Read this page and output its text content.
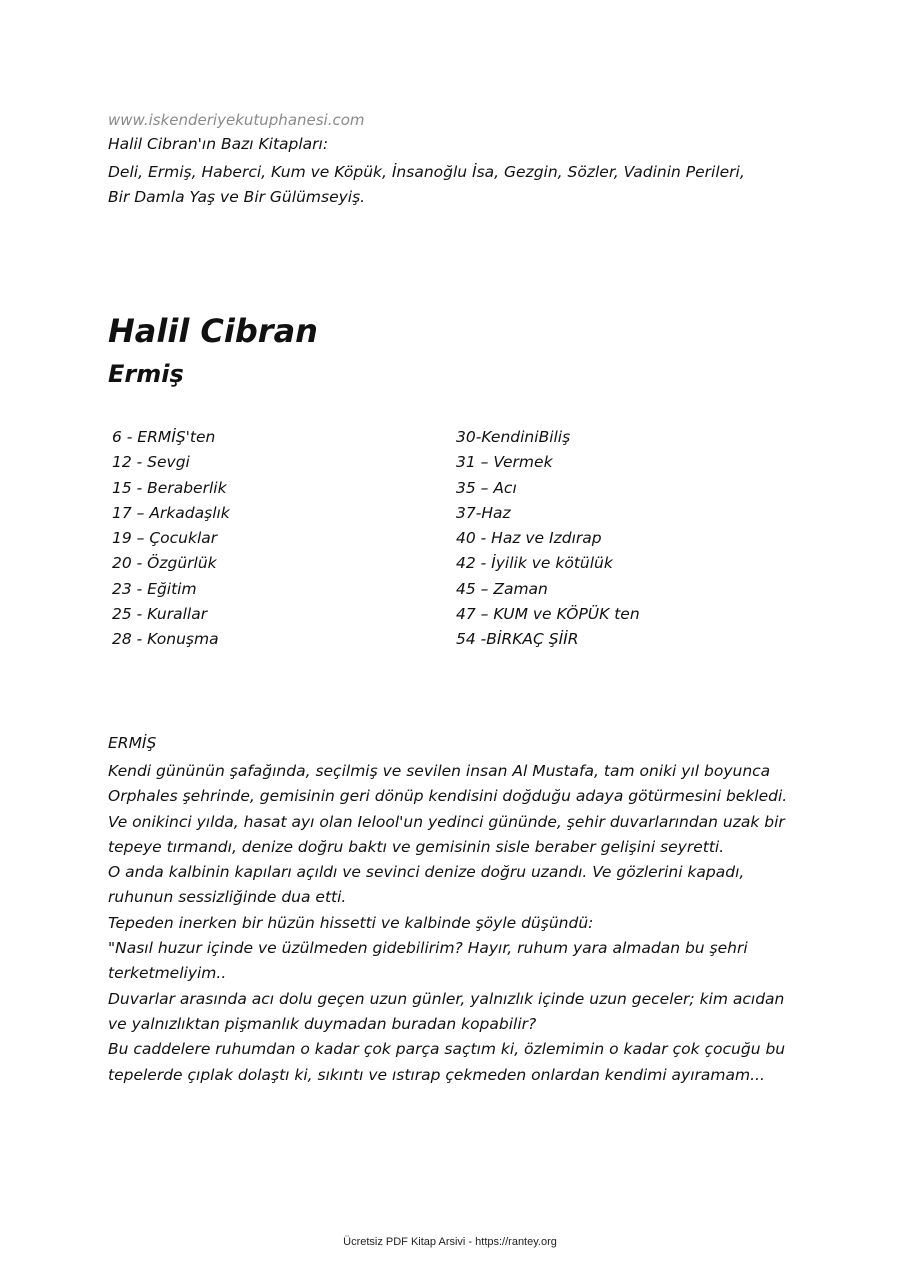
www.iskenderiyekutuphanesi.com
Halil Cibran'ın Bazı Kitapları:
Deli, Ermiş, Haberci, Kum ve Köpük, İnsanoğlu İsa, Gezgin, Sözler, Vadinin Perileri, Bir Damla Yaş ve Bir Gülümseyiş.
Halil Cibran
Ermiş
6 - ERMİŞ'ten
12 - Sevgi
15 - Beraberlik
17 – Arkadaşlık
19 – Çocuklar
20 - Özgürlük
23 - Eğitim
25 - Kurallar
28 - Konuşma
30-KendiniBiliş
31 – Vermek
35 – Acı
37-Haz
40 - Haz ve Izdırap
42 - İyilik ve kötülük
45 – Zaman
47 – KUM ve KÖPÜK ten
54 -BİRKAÇ ŞİİR
ERMİŞ

Kendi gününün şafağında, seçilmiş ve sevilen insan Al Mustafa, tam oniki yıl boyunca Orphales şehrinde, gemisinin geri dönüp kendisini doğduğu adaya götürmesini bekledi.

Ve onikinci yılda, hasat ayı olan Ielool'un yedinci gününde, şehir duvarlarından uzak bir tepeye tırmandı, denize doğru baktı ve gemisinin sisle beraber gelişini seyretti.

O anda kalbinin kapıları açıldı ve sevinci denize doğru uzandı. Ve gözlerini kapadı, ruhunun sessizliğinde dua etti.

Tepeden inerken bir hüzün hissetti ve kalbinde şöyle düşündü:

"Nasıl huzur içinde ve üzülmeden gidebilirim? Hayır, ruhum yara almadan bu şehri terketmeliyim..

Duvarlar arasında acı dolu geçen uzun günler, yalnızlık içinde uzun geceler; kim acıdan ve yalnızlıktan pişmanlık duymadan buradan kopabilir?

Bu caddelere ruhumdan o kadar çok parça saçtım ki, özlemimin o kadar çok çocuğu bu tepelerde çıplak dolaştı ki, sıkıntı ve ıstırap çekmeden onlardan kendimi ayıramam...

Ücretsiz PDF Kitap Arsivi - https://rantey.org
